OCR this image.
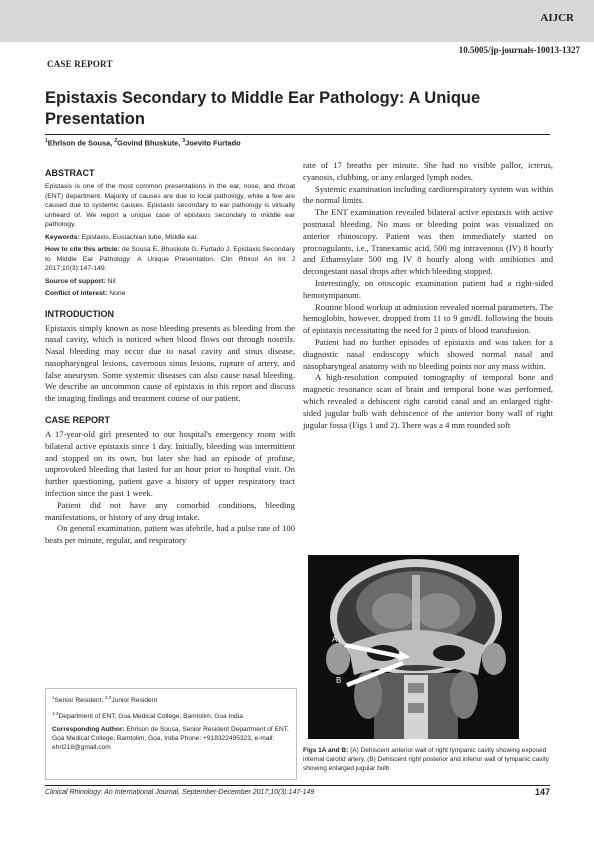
AIJCR
10.5005/jp-journals-10013-1327
CASE REPORT
Epistaxis Secondary to Middle Ear Pathology: A Unique Presentation
$^1$Ehrlson de Sousa, $^2$Govind Bhuskute, $^3$Joevito Furtado
ABSTRACT

Epistaxis is one of the most common presentations in the ear, nose, and throat (ENT) department. Majority of causes are due to local pathology, while a few are caused due to systemic causes. Epistaxis secondary to ear pathology is virtually unheard of. We report a unique case of epistaxis secondary to middle ear pathology.

Keywords: Epistaxis, Eustachian tube, Middle ear.

How to cite this article: de Sousa E, Bhuskute G, Furtado J. Epistaxis Secondary to Middle Ear Pathology: A Unique Presentation. Clin Rhinol An Int J 2017;10(3):147-149.

Source of support: Nil

Conflict of interest: None

INTRODUCTION

Epistaxis simply known as nose bleeding presents as bleeding from the nasal cavity, which is noticed when blood flows out through nostrils. Nasal bleeding may occur due to nasal cavity and sinus disease, nasopharyngeal lesions, cavernous sinus lesions, rupture of artery, and false aneurysm. Some systemic diseases can also cause nasal bleeding. We describe an uncommon cause of epistaxis in this report and discuss the imaging findings and treatment course of our patient.

CASE REPORT

A 17-year-old girl presented to our hospital's emergency room with bilateral active epistaxis since 1 day. Initially, bleeding was intermittent and stopped on its own, but later she had an episode of profuse, unprovoked bleeding that lasted for an hour prior to hospital visit. On further questioning, patient gave a history of upper respiratory tract infection since the past 1 week.

Patient did not have any comorbid conditions, bleeding manifestations, or history of any drug intake.

On general examination, patient was afebrile, had a pulse rate of 100 beats per minute, regular, and respiratory

rate of 17 breaths per minute. She had no visible pallor, icterus, cyanosis, clubbing, or any enlarged lymph nodes.

Systemic examination including cardiorespiratory system was within the normal limits.

The ENT examination revealed bilateral active epistaxis with active postnasal bleeding. No mass or bleeding point was visualized on anterior rhinoscopy. Patient was then immediately started on procoagulants, i.e., Tranexamic acid, 500 mg intravenous (IV) 8 hourly and Ethamsylate 500 mg IV 8 hourly along with antibiotics and decongestant nasal drops after which bleeding stopped.

Interestingly, on otoscopic examination patient had a right-sided hemotympanum.

Routine blood workup at admission revealed normal parameters. The hemoglobin, however, dropped from 11 to 9 gm/dL following the bouts of epistaxis necessitating the need for 2 pints of blood transfusion.

Patient had no further episodes of epistaxis and was taken for a diagnostic nasal endoscopy which showed normal nasal and nasopharyngeal anatomy with no bleeding points nor any mass within.

A high-resolution computed tomography of temporal bone and magnetic resonance scan of brain and temporal bone was performed, which revealed a dehiscent right carotid canal and an enlarged right-sided jugular bulb with dehiscence of the anterior bony wall of right jugular fossa (Figs 1 and 2). There was a 4 mm rounded soft

$^1$Senior Resident, $^{2,3}$Junior Resident

$^{1-3}$Department of ENT, Goa Medical College, Bamtolim, Goa India

Corresponding Author: Ehrlson de Sousa, Senior Resident Department of ENT, Goa Medical College, Bamtolim, Goa, India Phone: +918322495323, e-mail: ehrl218@gmail.com

A
B
Figs 1A and B: (A) Dehiscent anterior wall of right tympanic cavity showing exposed internal carotid artery. (B) Dehiscent right posterior and inferior wall of tympanic cavity showing enlarged jugular bulb
Clinical Rhinology: An International Journal, September-December 2017;10(3):147-149	147
